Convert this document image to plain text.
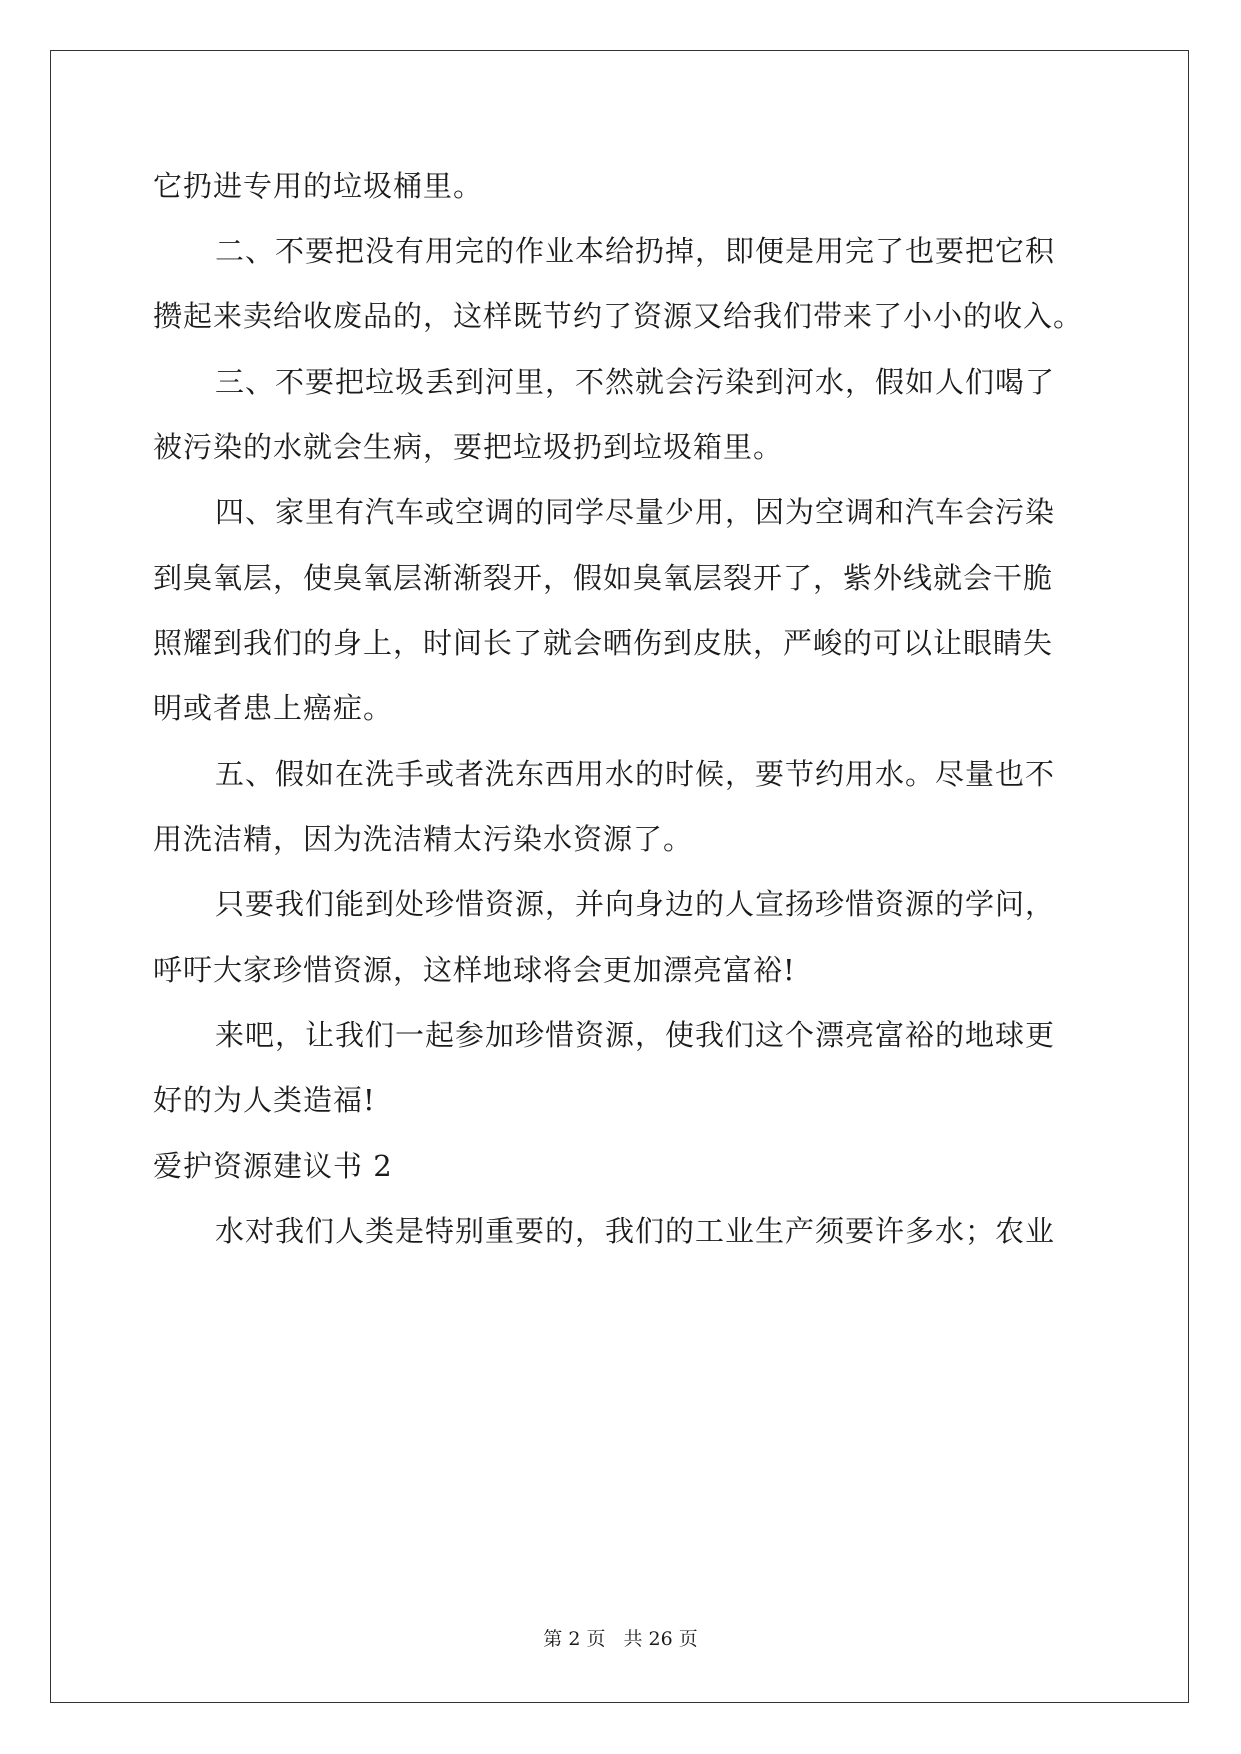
它扔进专用的垃圾桶里。
二、不要把没有用完的作业本给扔掉，即便是用完了也要把它积
攒起来卖给收废品的，这样既节约了资源又给我们带来了小小的收入。
三、不要把垃圾丢到河里，不然就会污染到河水，假如人们喝了
被污染的水就会生病，要把垃圾扔到垃圾箱里。
四、家里有汽车或空调的同学尽量少用，因为空调和汽车会污染
到臭氧层，使臭氧层渐渐裂开，假如臭氧层裂开了，紫外线就会干脆
照耀到我们的身上，时间长了就会晒伤到皮肤，严峻的可以让眼睛失
明或者患上癌症。
五、假如在洗手或者洗东西用水的时候，要节约用水。尽量也不
用洗洁精，因为洗洁精太污染水资源了。
只要我们能到处珍惜资源，并向身边的人宣扬珍惜资源的学问，
呼吁大家珍惜资源，这样地球将会更加漂亮富裕!
来吧，让我们一起参加珍惜资源，使我们这个漂亮富裕的地球更
好的为人类造福!
爱护资源建议书 2
水对我们人类是特别重要的，我们的工业生产须要许多水；农业
第 2 页 共 26 页
